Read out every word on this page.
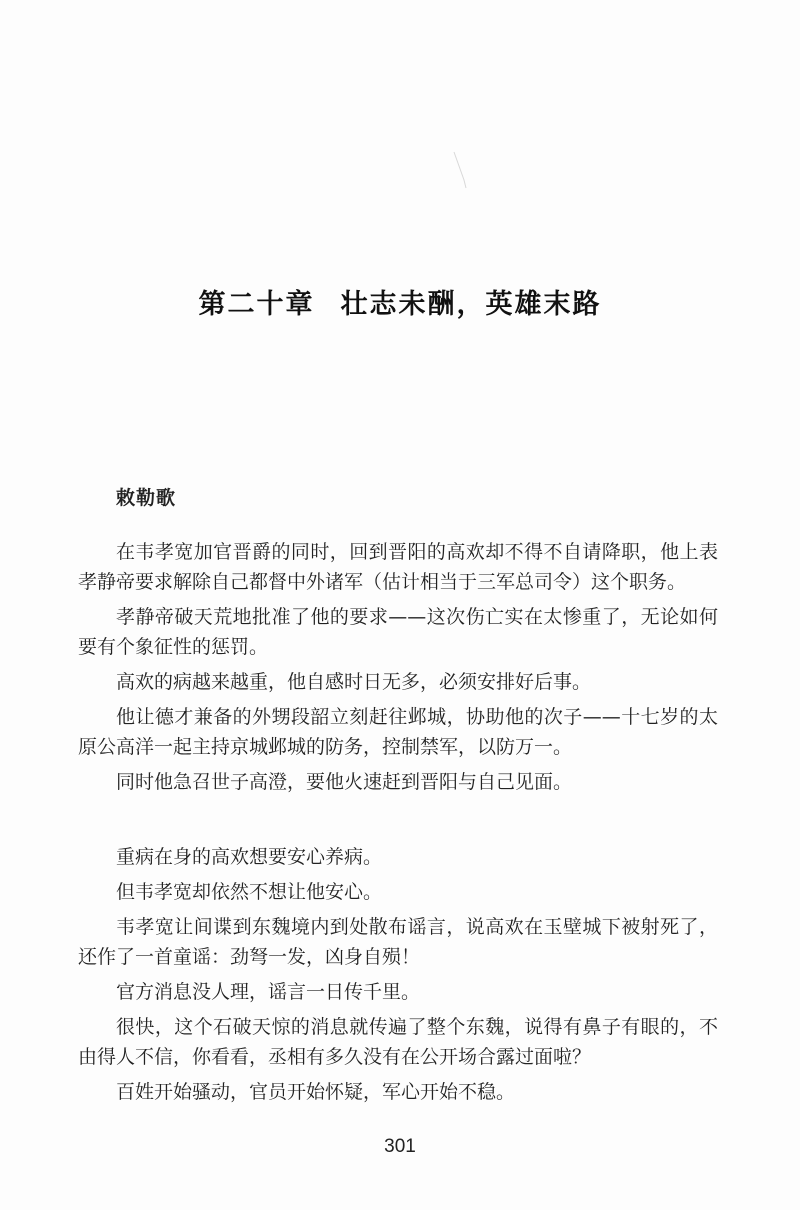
第二十章 壮志未酬，英雄末路
敕勒歌

在韦孝宽加官晋爵的同时，回到晋阳的高欢却不得不自请降职，他上表孝静帝要求解除自己都督中外诸军（估计相当于三军总司令）这个职务。

孝静帝破天荒地批准了他的要求——这次伤亡实在太惨重了，无论如何要有个象征性的惩罚。

高欢的病越来越重，他自感时日无多，必须安排好后事。

他让德才兼备的外甥段韶立刻赶往邺城，协助他的次子——十七岁的太原公高洋一起主持京城邺城的防务，控制禁军，以防万一。

同时他急召世子高澄，要他火速赶到晋阳与自己见面。

重病在身的高欢想要安心养病。

但韦孝宽却依然不想让他安心。

韦孝宽让间谍到东魏境内到处散布谣言，说高欢在玉壁城下被射死了，还作了一首童谣：劲弩一发，凶身自殒！

官方消息没人理，谣言一日传千里。

很快，这个石破天惊的消息就传遍了整个东魏，说得有鼻子有眼的，不由得人不信，你看看，丞相有多久没有在公开场合露过面啦？

百姓开始骚动，官员开始怀疑，军心开始不稳。

301
